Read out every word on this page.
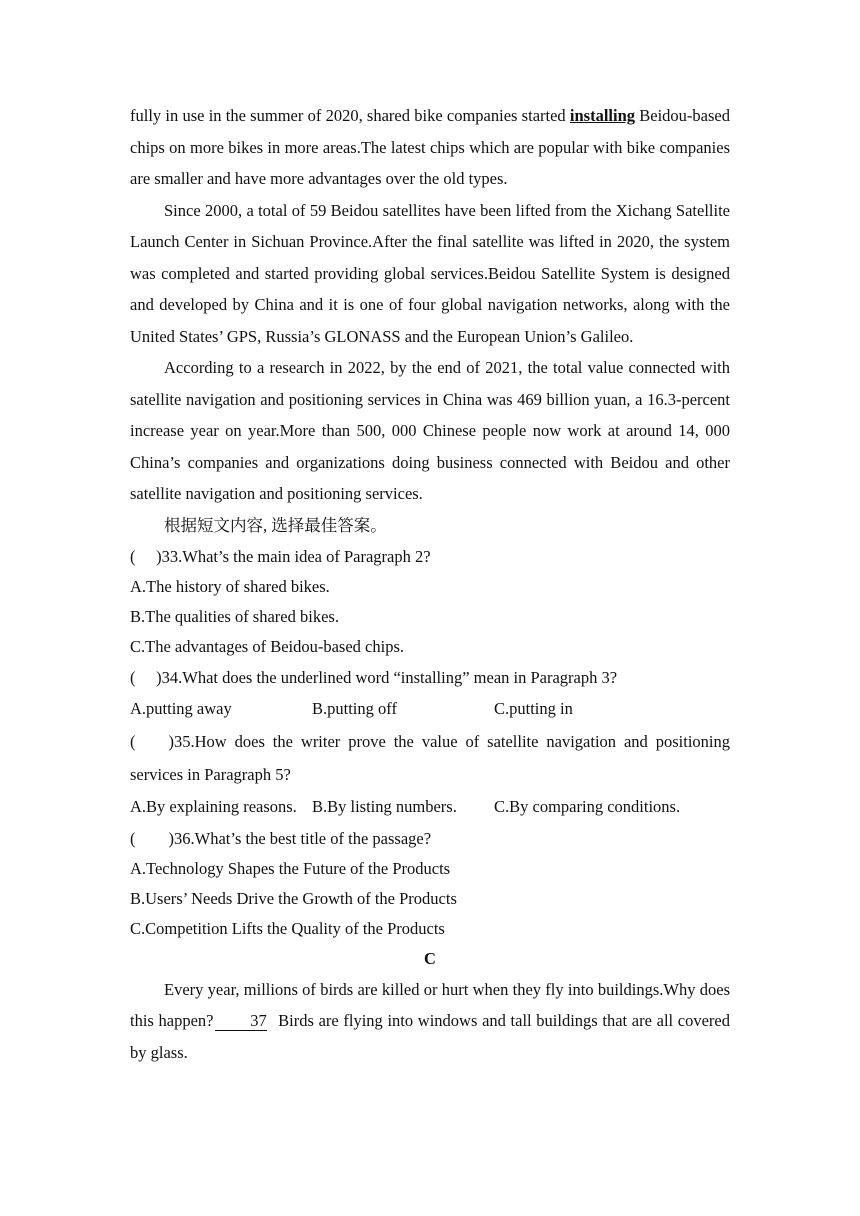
fully in use in the summer of 2020, shared bike companies started installing Beidou-based chips on more bikes in more areas.The latest chips which are popular with bike companies are smaller and have more advantages over the old types.

Since 2000, a total of 59 Beidou satellites have been lifted from the Xichang Satellite Launch Center in Sichuan Province.After the final satellite was lifted in 2020, the system was completed and started providing global services.Beidou Satellite System is designed and developed by China and it is one of four global navigation networks, along with the United States’ GPS, Russia’s GLONASS and the European Union’s Galileo.

According to a research in 2022, by the end of 2021, the total value connected with satellite navigation and positioning services in China was 469 billion yuan, a 16.3-percent increase year on year.More than 500, 000 Chinese people now work at around 14, 000 China’s companies and organizations doing business connected with Beidou and other satellite navigation and positioning services.

根据短文内容, 选择最佳答案。

(　 )33.What’s the main idea of Paragraph 2?

A.The history of shared bikes.

B.The qualities of shared bikes.

C.The advantages of Beidou-based chips.

(　 )34.What does the underlined word “installing” mean in Paragraph 3?

A.putting away	B.putting off	C.putting in

(　　)35.How does the writer prove the value of satellite navigation and positioning services in Paragraph 5?

A.By explaining reasons. B.By listing numbers.	C.By comparing conditions.

(　　)36.What’s the best title of the passage?

A.Technology Shapes the Future of the Products

B.Users’ Needs Drive the Growth of the Products

C.Competition Lifts the Quality of the Products

C

Every year, millions of birds are killed or hurt when they fly into buildings.Why does this happen? 37 Birds are flying into windows and tall buildings that are all covered by glass.
